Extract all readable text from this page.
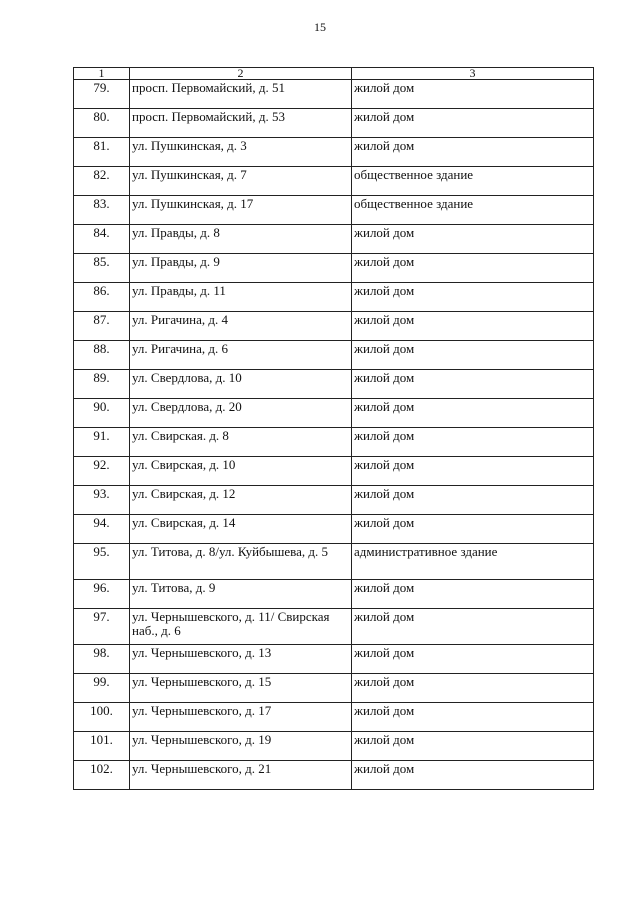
15
1	2	3
79.	просп. Первомайский, д. 51	жилой дом
80.	просп. Первомайский, д. 53	жилой дом
81.	ул. Пушкинская, д. 3	жилой дом
82.	ул. Пушкинская, д. 7	общественное здание
83.	ул. Пушкинская, д. 17	общественное здание
84.	ул. Правды, д. 8	жилой дом
85.	ул. Правды, д. 9	жилой дом
86.	ул. Правды, д. 11	жилой дом
87.	ул. Ригачина, д. 4	жилой дом
88.	ул. Ригачина, д. 6	жилой дом
89.	ул. Свердлова, д. 10	жилой дом
90.	ул. Свердлова, д. 20	жилой дом
91.	ул. Свирская. д. 8	жилой дом
92.	ул. Свирская, д. 10	жилой дом
93.	ул. Свирская, д. 12	жилой дом
94.	ул. Свирская, д. 14	жилой дом
95.	ул. Титова, д. 8/ул. Куйбышева, д. 5	административное здание
96.	ул. Титова, д. 9	жилой дом
97.	ул. Чернышевского, д. 11/ Свирская наб., д. 6	жилой дом
98.	ул. Чернышевского, д. 13	жилой дом
99.	ул. Чернышевского, д. 15	жилой дом
100.	ул. Чернышевского, д. 17	жилой дом
101.	ул. Чернышевского, д. 19	жилой дом
102.	ул. Чернышевского, д. 21	жилой дом
